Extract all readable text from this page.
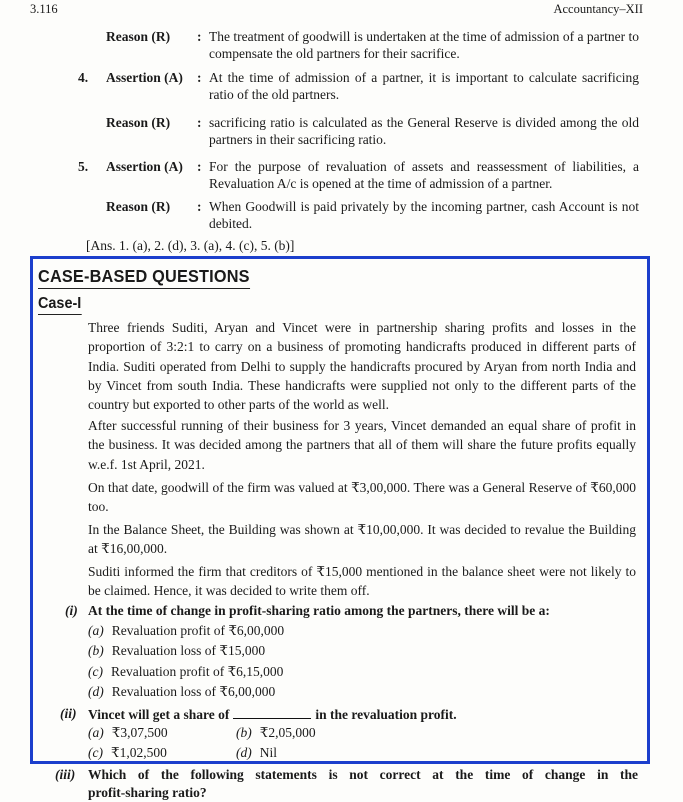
3.116	Accountancy–XII
Reason (R) : The treatment of goodwill is undertaken at the time of admission of a partner to compensate the old partners for their sacrifice.
4. Assertion (A) : At the time of admission of a partner, it is important to calculate sacrificing ratio of the old partners.
Reason (R) : sacrificing ratio is calculated as the General Reserve is divided among the old partners in their sacrificing ratio.
5. Assertion (A) : For the purpose of revaluation of assets and reassessment of liabilities, a Revaluation A/c is opened at the time of admission of a partner.
Reason (R) : When Goodwill is paid privately by the incoming partner, cash Account is not debited.
[Ans. 1. (a), 2. (d), 3. (a), 4. (c), 5. (b)]
CASE-BASED QUESTIONS
Case-I
Three friends Suditi, Aryan and Vincet were in partnership sharing profits and losses in the proportion of 3:2:1 to carry on a business of promoting handicrafts produced in different parts of India. Suditi operated from Delhi to supply the handicrafts procured by Aryan from north India and by Vincet from south India. These handicrafts were supplied not only to the different parts of the country but exported to other parts of the world as well.
After successful running of their business for 3 years, Vincet demanded an equal share of profit in the business. It was decided among the partners that all of them will share the future profits equally w.e.f. 1st April, 2021.
On that date, goodwill of the firm was valued at ₹3,00,000. There was a General Reserve of ₹60,000 too.
In the Balance Sheet, the Building was shown at ₹10,00,000. It was decided to revalue the Building at ₹16,00,000.
Suditi informed the firm that creditors of ₹15,000 mentioned in the balance sheet were not likely to be claimed. Hence, it was decided to write them off.
(i) At the time of change in profit-sharing ratio among the partners, there will be a:
(a) Revaluation profit of ₹6,00,000
(b) Revaluation loss of ₹15,000
(c) Revaluation profit of ₹6,15,000
(d) Revaluation loss of ₹6,00,000
(ii) Vincet will get a share of	in the revaluation profit.
(a) ₹3,07,500	(b) ₹2,05,000
(c) ₹1,02,500	(d) Nil
(iii) Which of the following statements is not correct at the time of change in the
profit-sharing ratio?
